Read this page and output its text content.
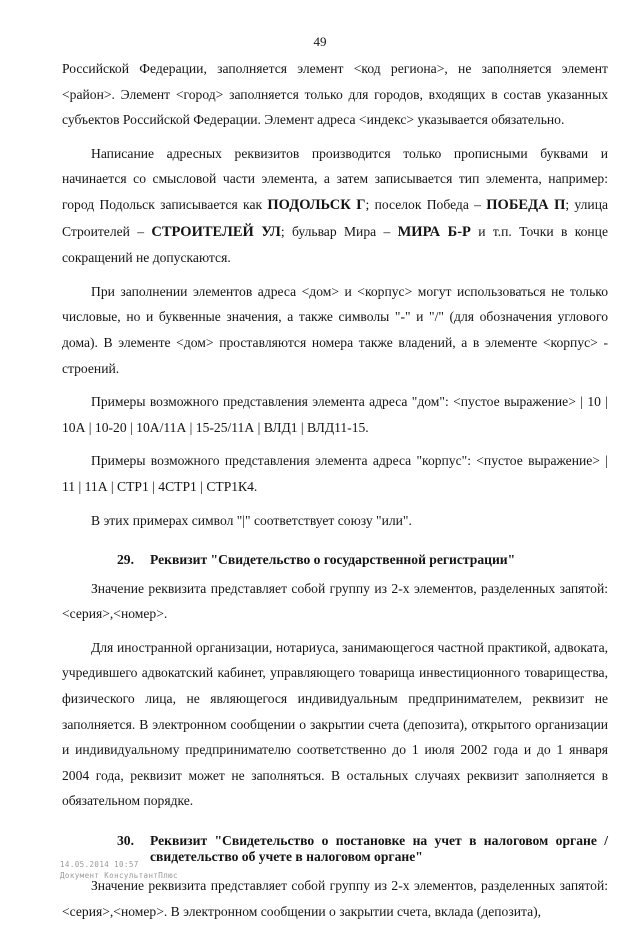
49

Российской Федерации, заполняется элемент <код региона>, не заполняется элемент <район>. Элемент <город> заполняется только для городов, входящих в состав указанных субъектов Российской Федерации. Элемент адреса <индекс> указывается обязательно.

Написание адресных реквизитов производится только прописными буквами и начинается со смысловой части элемента, а затем записывается тип элемента, например: город Подольск записывается как ПОДОЛЬСК Г; поселок Победа – ПОБЕДА П; улица Строителей – СТРОИТЕЛЕЙ УЛ; бульвар Мира – МИРА Б-Р и т.п. Точки в конце сокращений не допускаются.

При заполнении элементов адреса <дом> и <корпус> могут использоваться не только числовые, но и буквенные значения, а также символы "-" и "/" (для обозначения углового дома). В элементе <дом> проставляются номера также владений, а в элементе <корпус> - строений.

Примеры возможного представления элемента адреса "дом": <пустое выражение> | 10 | 10А | 10-20 | 10А/11А | 15-25/11А | ВЛД1 | ВЛД11-15.

Примеры возможного представления элемента адреса "корпус": <пустое выражение> | 11 | 11А | СТР1 | 4СТР1 | СТР1К4.

В этих примерах символ "|" соответствует союзу "или".

29.	Реквизит "Свидетельство о государственной регистрации"

Значение реквизита представляет собой группу из 2-х элементов, разделенных запятой: <серия>,<номер>.

Для иностранной организации, нотариуса, занимающегося частной практикой, адвоката, учредившего адвокатский кабинет, управляющего товарища инвестиционного товарищества, физического лица, не являющегося индивидуальным предпринимателем, реквизит не заполняется. В электронном сообщении о закрытии счета (депозита), открытого организации и индивидуальному предпринимателю соответственно до 1 июля 2002 года и до 1 января 2004 года, реквизит может не заполняться. В остальных случаях реквизит заполняется в обязательном порядке.

30.	Реквизит "Свидетельство о постановке на учет в налоговом органе / свидетельство об учете в налоговом органе"

Значение реквизита представляет собой группу из 2-х элементов, разделенных запятой: <серия>,<номер>. В электронном сообщении о закрытии счета, вклада (депозита),

14.05.2014 10:57
Документ КонсультантПлюс
